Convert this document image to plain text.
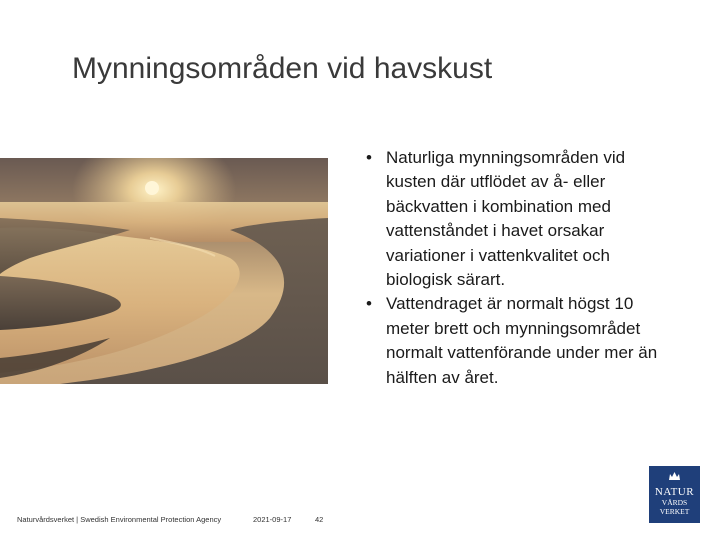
Mynningsområden vid havskust
• Naturliga mynningsområden vid kusten där utflödet av å- eller bäckvatten i kombination med vattenståndet i havet orsakar variationer i vattenkvalitet och biologisk särart.
• Vattendraget är normalt högst 10 meter brett och mynningsområdet normalt vattenförande under mer än hälften av året.
Naturvårdsverket | Swedish Environmental Protection Agency	2021-09-17	42
NATUR
VÅRDS
VERKET
